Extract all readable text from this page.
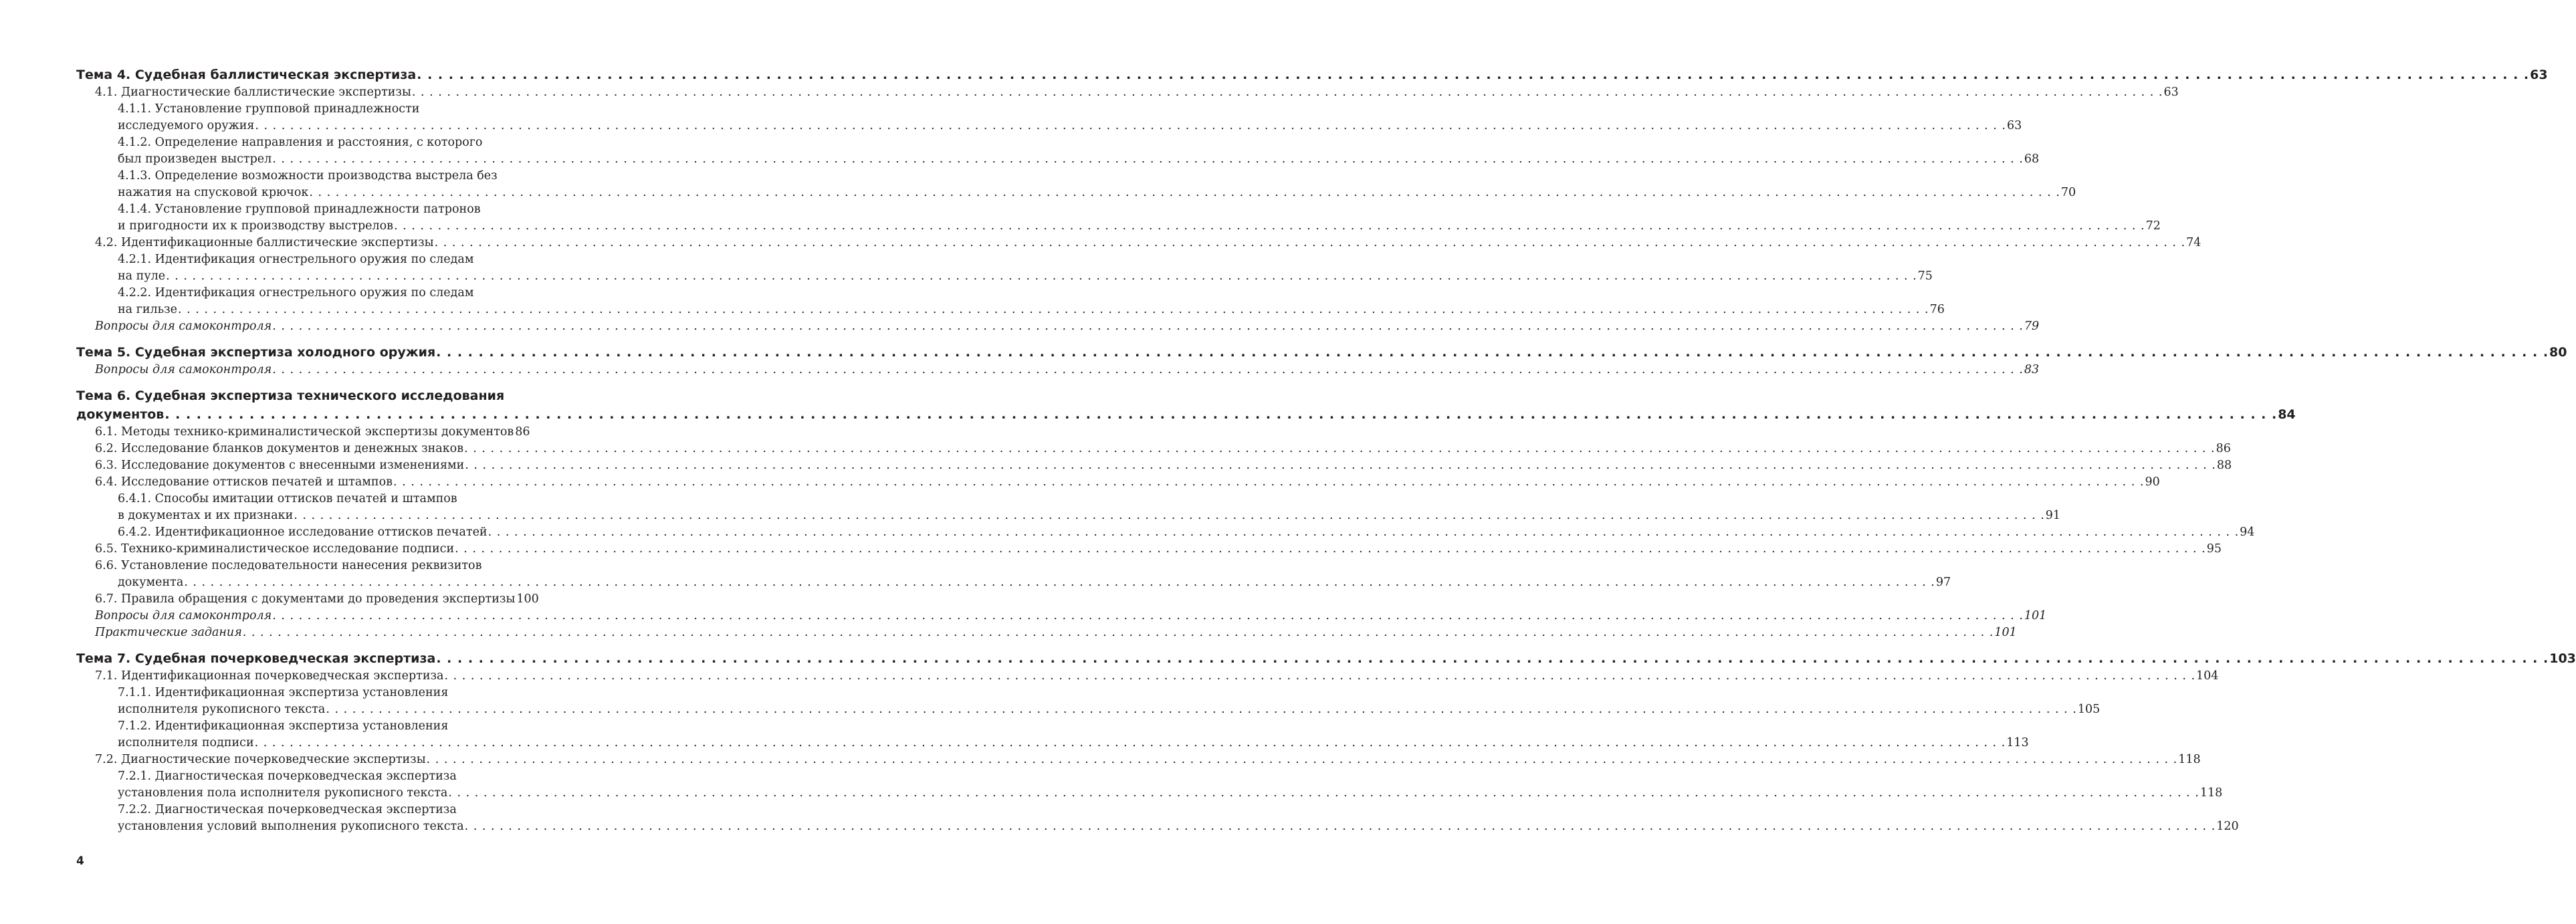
Тема 4. Судебная баллистическая экспертиза . . . . . . . . . . . . . . . . . . . . . . . . . . . . . . . . . . . . . . . . . . . . . . . . . . . . . . . . . . . . . . . . . . . . . . . . . . . . . . . . . . . . . . . . . . . . . . . . . . . . . . . . . . . . . . . . . . . . . . . . . . . . . . . . . . . . . . . . . . . . . . . . . . . . . . . . . . . . . . . . . . . . . . . . . . . . . . . . . . . . . . . . . . . . . . . . . . . . . . . . 63
4.1. Диагностические баллистические экспертизы . . . . . . . . . . . . . . . . . . . . . . . . . . . . . . . . . . . . . . . . . . . . . . . . . . . . . . . . . . . . . . . . . . . . . . . . . . . . . . . . . . . . . . . . . . . . . . . . . . . . . . . . . . . . . . . . . . . . . . . . . . . . . . . . . . . . . . . . . . . . . . . . . . . . . . . . . . . . . . . . . . . . . . . . . . . . . . . . . . . . . . . . . . . . . . . . . . . . . . . . 63
4.1.1. Установление групповой принадлежности
исследуемого оружия . . . . . . . . . . . . . . . . . . . . . . . . . . . . . . . . . . . . . . . . . . . . . . . . . . . . . . . . . . . . . . . . . . . . . . . . . . . . . . . . . . . . . . . . . . . . . . . . . . . . . . . . . . . . . . . . . . . . . . . . . . . . . . . . . . . . . . . . . . . . . . . . . . . . . . . . . . . . . . . . . . . . . . . . . . . . . . . . . . . . . . . . . . . . . . . . . . . . . . . . 63
4.1.2. Определение направления и расстояния, с которого
был произведен выстрел . . . . . . . . . . . . . . . . . . . . . . . . . . . . . . . . . . . . . . . . . . . . . . . . . . . . . . . . . . . . . . . . . . . . . . . . . . . . . . . . . . . . . . . . . . . . . . . . . . . . . . . . . . . . . . . . . . . . . . . . . . . . . . . . . . . . . . . . . . . . . . . . . . . . . . . . . . . . . . . . . . . . . . . . . . . . . . . . . . . . . . . . . . . . . . . . . . . . . . . . 68
4.1.3. Определение возможности производства выстрела без
нажатия на спусковой крючок . . . . . . . . . . . . . . . . . . . . . . . . . . . . . . . . . . . . . . . . . . . . . . . . . . . . . . . . . . . . . . . . . . . . . . . . . . . . . . . . . . . . . . . . . . . . . . . . . . . . . . . . . . . . . . . . . . . . . . . . . . . . . . . . . . . . . . . . . . . . . . . . . . . . . . . . . . . . . . . . . . . . . . . . . . . . . . . . . . . . . . . . . . . . . . . . . . . . . . . . 70
4.1.4. Установление групповой принадлежности патронов
и пригодности их к производству выстрелов . . . . . . . . . . . . . . . . . . . . . . . . . . . . . . . . . . . . . . . . . . . . . . . . . . . . . . . . . . . . . . . . . . . . . . . . . . . . . . . . . . . . . . . . . . . . . . . . . . . . . . . . . . . . . . . . . . . . . . . . . . . . . . . . . . . . . . . . . . . . . . . . . . . . . . . . . . . . . . . . . . . . . . . . . . . . . . . . . . . . . . . . . . . . . . . . . . . . . . . . 72
4.2. Идентификационные баллистические экспертизы . . . . . . . . . . . . . . . . . . . . . . . . . . . . . . . . . . . . . . . . . . . . . . . . . . . . . . . . . . . . . . . . . . . . . . . . . . . . . . . . . . . . . . . . . . . . . . . . . . . . . . . . . . . . . . . . . . . . . . . . . . . . . . . . . . . . . . . . . . . . . . . . . . . . . . . . . . . . . . . . . . . . . . . . . . . . . . . . . . . . . . . . . . . . . . . . . . . . . . . . 74
4.2.1. Идентификация огнестрельного оружия по следам
на пуле . . . . . . . . . . . . . . . . . . . . . . . . . . . . . . . . . . . . . . . . . . . . . . . . . . . . . . . . . . . . . . . . . . . . . . . . . . . . . . . . . . . . . . . . . . . . . . . . . . . . . . . . . . . . . . . . . . . . . . . . . . . . . . . . . . . . . . . . . . . . . . . . . . . . . . . . . . . . . . . . . . . . . . . . . . . . . . . . . . . . . . . . . . . . . . . . . . . . . . . . 75
4.2.2. Идентификация огнестрельного оружия по следам
на гильзе . . . . . . . . . . . . . . . . . . . . . . . . . . . . . . . . . . . . . . . . . . . . . . . . . . . . . . . . . . . . . . . . . . . . . . . . . . . . . . . . . . . . . . . . . . . . . . . . . . . . . . . . . . . . . . . . . . . . . . . . . . . . . . . . . . . . . . . . . . . . . . . . . . . . . . . . . . . . . . . . . . . . . . . . . . . . . . . . . . . . . . . . . . . . . . . . . . . . . . . . 76
Вопросы для самоконтроля . . . . . . . . . . . . . . . . . . . . . . . . . . . . . . . . . . . . . . . . . . . . . . . . . . . . . . . . . . . . . . . . . . . . . . . . . . . . . . . . . . . . . . . . . . . . . . . . . . . . . . . . . . . . . . . . . . . . . . . . . . . . . . . . . . . . . . . . . . . . . . . . . . . . . . . . . . . . . . . . . . . . . . . . . . . . . . . . . . . . . . . . . . . . . . . . . . . . . . . . 79
Тема 5. Судебная экспертиза холодного оружия . . . . . . . . . . . . . . . . . . . . . . . . . . . . . . . . . . . . . . . . . . . . . . . . . . . . . . . . . . . . . . . . . . . . . . . . . . . . . . . . . . . . . . . . . . . . . . . . . . . . . . . . . . . . . . . . . . . . . . . . . . . . . . . . . . . . . . . . . . . . . . . . . . . . . . . . . . . . . . . . . . . . . . . . . . . . . . . . . . . . . . . . . . . . . . . . . . . . . . . . 80
Вопросы для самоконтроля . . . . . . . . . . . . . . . . . . . . . . . . . . . . . . . . . . . . . . . . . . . . . . . . . . . . . . . . . . . . . . . . . . . . . . . . . . . . . . . . . . . . . . . . . . . . . . . . . . . . . . . . . . . . . . . . . . . . . . . . . . . . . . . . . . . . . . . . . . . . . . . . . . . . . . . . . . . . . . . . . . . . . . . . . . . . . . . . . . . . . . . . . . . . . . . . . . . . . . . . 83
Тема 6. Судебная экспертиза технического исследования
документов . . . . . . . . . . . . . . . . . . . . . . . . . . . . . . . . . . . . . . . . . . . . . . . . . . . . . . . . . . . . . . . . . . . . . . . . . . . . . . . . . . . . . . . . . . . . . . . . . . . . . . . . . . . . . . . . . . . . . . . . . . . . . . . . . . . . . . . . . . . . . . . . . . . . . . . . . . . . . . . . . . . . . . . . . . . . . . . . . . . . . . . . . . . . . . . . . . . . . . . . 84
6.1. Методы технико-криминалистической экспертизы документов 86
6.2. Исследование бланков документов и денежных знаков . . . . . . . . . . . . . . . . . . . . . . . . . . . . . . . . . . . . . . . . . . . . . . . . . . . . . . . . . . . . . . . . . . . . . . . . . . . . . . . . . . . . . . . . . . . . . . . . . . . . . . . . . . . . . . . . . . . . . . . . . . . . . . . . . . . . . . . . . . . . . . . . . . . . . . . . . . . . . . . . . . . . . . . . . . . . . . . . . . . . . . . . . . . . . . . . . . . . . . . . 86
6.3. Исследование документов с внесенными изменениями . . . . . . . . . . . . . . . . . . . . . . . . . . . . . . . . . . . . . . . . . . . . . . . . . . . . . . . . . . . . . . . . . . . . . . . . . . . . . . . . . . . . . . . . . . . . . . . . . . . . . . . . . . . . . . . . . . . . . . . . . . . . . . . . . . . . . . . . . . . . . . . . . . . . . . . . . . . . . . . . . . . . . . . . . . . . . . . . . . . . . . . . . . . . . . . . . . . . . . . . 88
6.4. Исследование оттисков печатей и штампов . . . . . . . . . . . . . . . . . . . . . . . . . . . . . . . . . . . . . . . . . . . . . . . . . . . . . . . . . . . . . . . . . . . . . . . . . . . . . . . . . . . . . . . . . . . . . . . . . . . . . . . . . . . . . . . . . . . . . . . . . . . . . . . . . . . . . . . . . . . . . . . . . . . . . . . . . . . . . . . . . . . . . . . . . . . . . . . . . . . . . . . . . . . . . . . . . . . . . . . . 90
6.4.1. Способы имитации оттисков печатей и штампов
в документах и их признаки . . . . . . . . . . . . . . . . . . . . . . . . . . . . . . . . . . . . . . . . . . . . . . . . . . . . . . . . . . . . . . . . . . . . . . . . . . . . . . . . . . . . . . . . . . . . . . . . . . . . . . . . . . . . . . . . . . . . . . . . . . . . . . . . . . . . . . . . . . . . . . . . . . . . . . . . . . . . . . . . . . . . . . . . . . . . . . . . . . . . . . . . . . . . . . . . . . . . . . . . 91
6.4.2. Идентификационное исследование оттисков печатей . . . . . . . . . . . . . . . . . . . . . . . . . . . . . . . . . . . . . . . . . . . . . . . . . . . . . . . . . . . . . . . . . . . . . . . . . . . . . . . . . . . . . . . . . . . . . . . . . . . . . . . . . . . . . . . . . . . . . . . . . . . . . . . . . . . . . . . . . . . . . . . . . . . . . . . . . . . . . . . . . . . . . . . . . . . . . . . . . . . . . . . . . . . . . . . . . . . . . . . . 94
6.5. Технико-криминалистическое исследование подписи . . . . . . . . . . . . . . . . . . . . . . . . . . . . . . . . . . . . . . . . . . . . . . . . . . . . . . . . . . . . . . . . . . . . . . . . . . . . . . . . . . . . . . . . . . . . . . . . . . . . . . . . . . . . . . . . . . . . . . . . . . . . . . . . . . . . . . . . . . . . . . . . . . . . . . . . . . . . . . . . . . . . . . . . . . . . . . . . . . . . . . . . . . . . . . . . . . . . . . . . 95
6.6. Установление последовательности нанесения реквизитов
документа . . . . . . . . . . . . . . . . . . . . . . . . . . . . . . . . . . . . . . . . . . . . . . . . . . . . . . . . . . . . . . . . . . . . . . . . . . . . . . . . . . . . . . . . . . . . . . . . . . . . . . . . . . . . . . . . . . . . . . . . . . . . . . . . . . . . . . . . . . . . . . . . . . . . . . . . . . . . . . . . . . . . . . . . . . . . . . . . . . . . . . . . . . . . . . . . . . . . . . . . 97
6.7. Правила обращения с документами до проведения экспертизы 100
Вопросы для самоконтроля . . . . . . . . . . . . . . . . . . . . . . . . . . . . . . . . . . . . . . . . . . . . . . . . . . . . . . . . . . . . . . . . . . . . . . . . . . . . . . . . . . . . . . . . . . . . . . . . . . . . . . . . . . . . . . . . . . . . . . . . . . . . . . . . . . . . . . . . . . . . . . . . . . . . . . . . . . . . . . . . . . . . . . . . . . . . . . . . . . . . . . . . . . . . . . . . . . . . . . . . 101
Практические задания . . . . . . . . . . . . . . . . . . . . . . . . . . . . . . . . . . . . . . . . . . . . . . . . . . . . . . . . . . . . . . . . . . . . . . . . . . . . . . . . . . . . . . . . . . . . . . . . . . . . . . . . . . . . . . . . . . . . . . . . . . . . . . . . . . . . . . . . . . . . . . . . . . . . . . . . . . . . . . . . . . . . . . . . . . . . . . . . . . . . . . . . . . . . . . . . . . . . . . . . 101
Тема 7. Судебная почерковедческая экспертиза . . . . . . . . . . . . . . . . . . . . . . . . . . . . . . . . . . . . . . . . . . . . . . . . . . . . . . . . . . . . . . . . . . . . . . . . . . . . . . . . . . . . . . . . . . . . . . . . . . . . . . . . . . . . . . . . . . . . . . . . . . . . . . . . . . . . . . . . . . . . . . . . . . . . . . . . . . . . . . . . . . . . . . . . . . . . . . . . . . . . . . . . . . . . . . . . . . . . . . . . 103
7.1. Идентификационная почерковедческая экспертиза . . . . . . . . . . . . . . . . . . . . . . . . . . . . . . . . . . . . . . . . . . . . . . . . . . . . . . . . . . . . . . . . . . . . . . . . . . . . . . . . . . . . . . . . . . . . . . . . . . . . . . . . . . . . . . . . . . . . . . . . . . . . . . . . . . . . . . . . . . . . . . . . . . . . . . . . . . . . . . . . . . . . . . . . . . . . . . . . . . . . . . . . . . . . . . . . . . . . . . . . 104
7.1.1. Идентификационная экспертиза установления
исполнителя рукописного текста . . . . . . . . . . . . . . . . . . . . . . . . . . . . . . . . . . . . . . . . . . . . . . . . . . . . . . . . . . . . . . . . . . . . . . . . . . . . . . . . . . . . . . . . . . . . . . . . . . . . . . . . . . . . . . . . . . . . . . . . . . . . . . . . . . . . . . . . . . . . . . . . . . . . . . . . . . . . . . . . . . . . . . . . . . . . . . . . . . . . . . . . . . . . . . . . . . . . . . . . 105
7.1.2. Идентификационная экспертиза установления
исполнителя подписи . . . . . . . . . . . . . . . . . . . . . . . . . . . . . . . . . . . . . . . . . . . . . . . . . . . . . . . . . . . . . . . . . . . . . . . . . . . . . . . . . . . . . . . . . . . . . . . . . . . . . . . . . . . . . . . . . . . . . . . . . . . . . . . . . . . . . . . . . . . . . . . . . . . . . . . . . . . . . . . . . . . . . . . . . . . . . . . . . . . . . . . . . . . . . . . . . . . . . . . . 113
7.2. Диагностические почерковедческие экспертизы . . . . . . . . . . . . . . . . . . . . . . . . . . . . . . . . . . . . . . . . . . . . . . . . . . . . . . . . . . . . . . . . . . . . . . . . . . . . . . . . . . . . . . . . . . . . . . . . . . . . . . . . . . . . . . . . . . . . . . . . . . . . . . . . . . . . . . . . . . . . . . . . . . . . . . . . . . . . . . . . . . . . . . . . . . . . . . . . . . . . . . . . . . . . . . . . . . . . . . . . 118
7.2.1. Диагностическая почерковедческая экспертиза
установления пола исполнителя рукописного текста . . . . . . . . . . . . . . . . . . . . . . . . . . . . . . . . . . . . . . . . . . . . . . . . . . . . . . . . . . . . . . . . . . . . . . . . . . . . . . . . . . . . . . . . . . . . . . . . . . . . . . . . . . . . . . . . . . . . . . . . . . . . . . . . . . . . . . . . . . . . . . . . . . . . . . . . . . . . . . . . . . . . . . . . . . . . . . . . . . . . . . . . . . . . . . . . . . . . . . . . 118
7.2.2. Диагностическая почерковедческая экспертиза
установления условий выполнения рукописного текста . . . . . . . . . . . . . . . . . . . . . . . . . . . . . . . . . . . . . . . . . . . . . . . . . . . . . . . . . . . . . . . . . . . . . . . . . . . . . . . . . . . . . . . . . . . . . . . . . . . . . . . . . . . . . . . . . . . . . . . . . . . . . . . . . . . . . . . . . . . . . . . . . . . . . . . . . . . . . . . . . . . . . . . . . . . . . . . . . . . . . . . . . . . . . . . . . . . . . . . . 120
4
